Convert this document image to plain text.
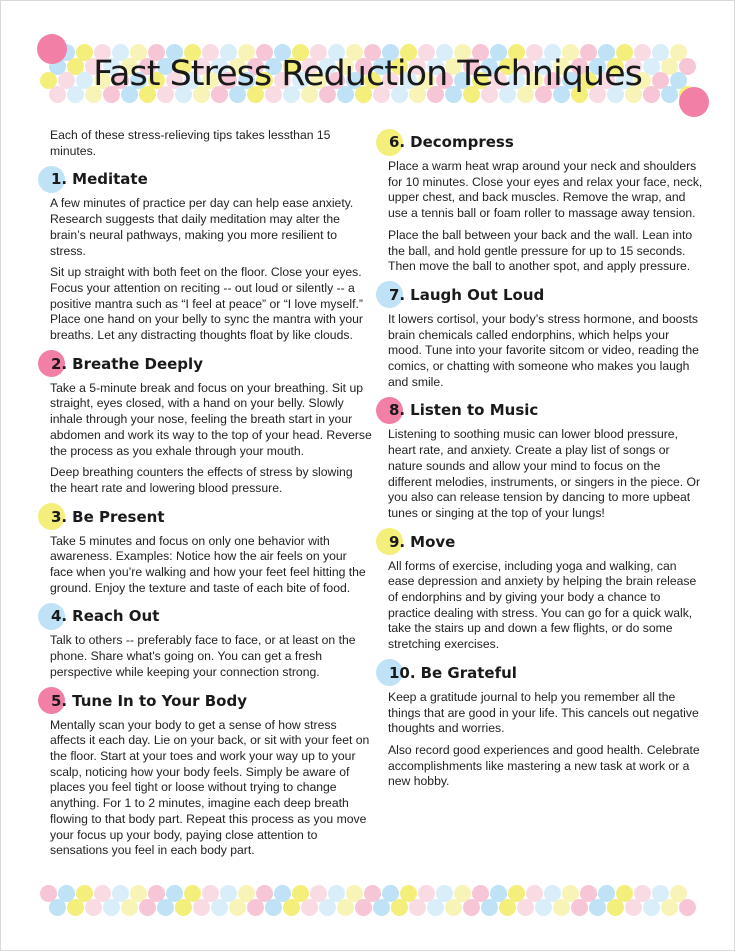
Fast Stress Reduction Techniques

Each of these stress-relieving tips takes lessthan 15 minutes.

1. Meditate

A few minutes of practice per day can help ease anxiety. Research suggests that daily meditation may alter the brain’s neural pathways, making you more resilient to stress.

Sit up straight with both feet on the floor. Close your eyes. Focus your attention on reciting -- out loud or silently -- a positive mantra such as “I feel at peace” or “I love myself.” Place one hand on your belly to sync the mantra with your breaths. Let any distracting thoughts float by like clouds.

2. Breathe Deeply

Take a 5-minute break and focus on your breathing. Sit up straight, eyes closed, with a hand on your belly. Slowly inhale through your nose, feeling the breath start in your abdomen and work its way to the top of your head. Reverse the process as you exhale through your mouth.

Deep breathing counters the effects of stress by slowing the heart rate and lowering blood pressure.

3. Be Present

Take 5 minutes and focus on only one behavior with awareness. Examples: Notice how the air feels on your face when you’re walking and how your feet feel hitting the ground. Enjoy the texture and taste of each bite of food.

4. Reach Out

Talk to others -- preferably face to face, or at least on the phone. Share what's going on. You can get a fresh perspective while keeping your connection strong.

5. Tune In to Your Body

Mentally scan your body to get a sense of how stress affects it each day. Lie on your back, or sit with your feet on the floor. Start at your toes and work your way up to your scalp, noticing how your body feels. Simply be aware of places you feel tight or loose without trying to change anything. For 1 to 2 minutes, imagine each deep breath flowing to that body part. Repeat this process as you move your focus up your body, paying close attention to sensations you feel in each body part.

6. Decompress

Place a warm heat wrap around your neck and shoulders for 10 minutes. Close your eyes and relax your face, neck, upper chest, and back muscles. Remove the wrap, and use a tennis ball or foam roller to massage away tension.

Place the ball between your back and the wall. Lean into the ball, and hold gentle pressure for up to 15 seconds. Then move the ball to another spot, and apply pressure.

7. Laugh Out Loud

It lowers cortisol, your body’s stress hormone, and boosts brain chemicals called endorphins, which helps your mood. Tune into your favorite sitcom or video, reading the comics, or chatting with someone who makes you laugh and smile.

8. Listen to Music

Listening to soothing music can lower blood pressure, heart rate, and anxiety. Create a play list of songs or nature sounds and allow your mind to focus on the different melodies, instruments, or singers in the piece. Or you also can release tension by dancing to more upbeat tunes or singing at the top of your lungs!

9. Move

All forms of exercise, including yoga and walking, can ease depression and anxiety by helping the brain release of endorphins and by giving your body a chance to practice dealing with stress. You can go for a quick walk, take the stairs up and down a few flights, or do some stretching exercises.

10. Be Grateful

Keep a gratitude journal to help you remember all the things that are good in your life. This cancels out negative thoughts and worries.

Also record good experiences and good health. Celebrate accomplishments like mastering a new task at work or a new hobby.
